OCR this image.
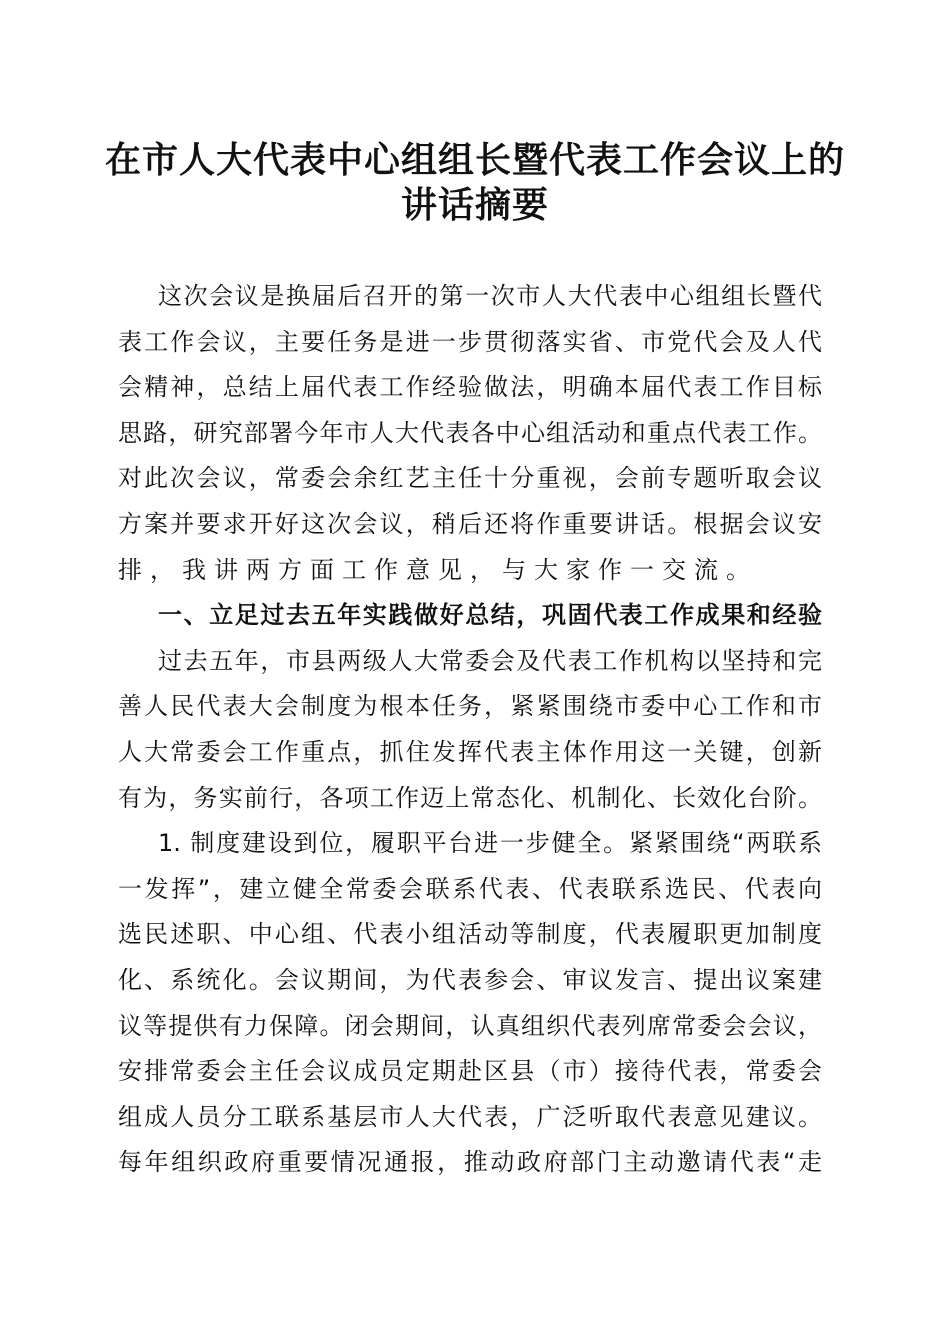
在市人大代表中心组组长暨代表工作会议上的
讲话摘要
这次会议是换届后召开的第一次市人大代表中心组组长暨代
表工作会议，主要任务是进一步贯彻落实省、市党代会及人代
会精神，总结上届代表工作经验做法，明确本届代表工作目标
思路，研究部署今年市人大代表各中心组活动和重点代表工作。
对此次会议，常委会余红艺主任十分重视，会前专题听取会议
方案并要求开好这次会议，稍后还将作重要讲话。根据会议安
排，我讲两方面工作意见，与大家作一交流。
一、立足过去五年实践做好总结，巩固代表工作成果和经验
过去五年，市县两级人大常委会及代表工作机构以坚持和完
善人民代表大会制度为根本任务，紧紧围绕市委中心工作和市
人大常委会工作重点，抓住发挥代表主体作用这一关键，创新
有为，务实前行，各项工作迈上常态化、机制化、长效化台阶。
1. 制度建设到位，履职平台进一步健全。紧紧围绕“两联系
一发挥”，建立健全常委会联系代表、代表联系选民、代表向
选民述职、中心组、代表小组活动等制度，代表履职更加制度
化、系统化。会议期间，为代表参会、审议发言、提出议案建
议等提供有力保障。闭会期间，认真组织代表列席常委会会议，
安排常委会主任会议成员定期赴区县（市）接待代表，常委会
组成人员分工联系基层市人大代表，广泛听取代表意见建议。
每年组织政府重要情况通报，推动政府部门主动邀请代表“走
